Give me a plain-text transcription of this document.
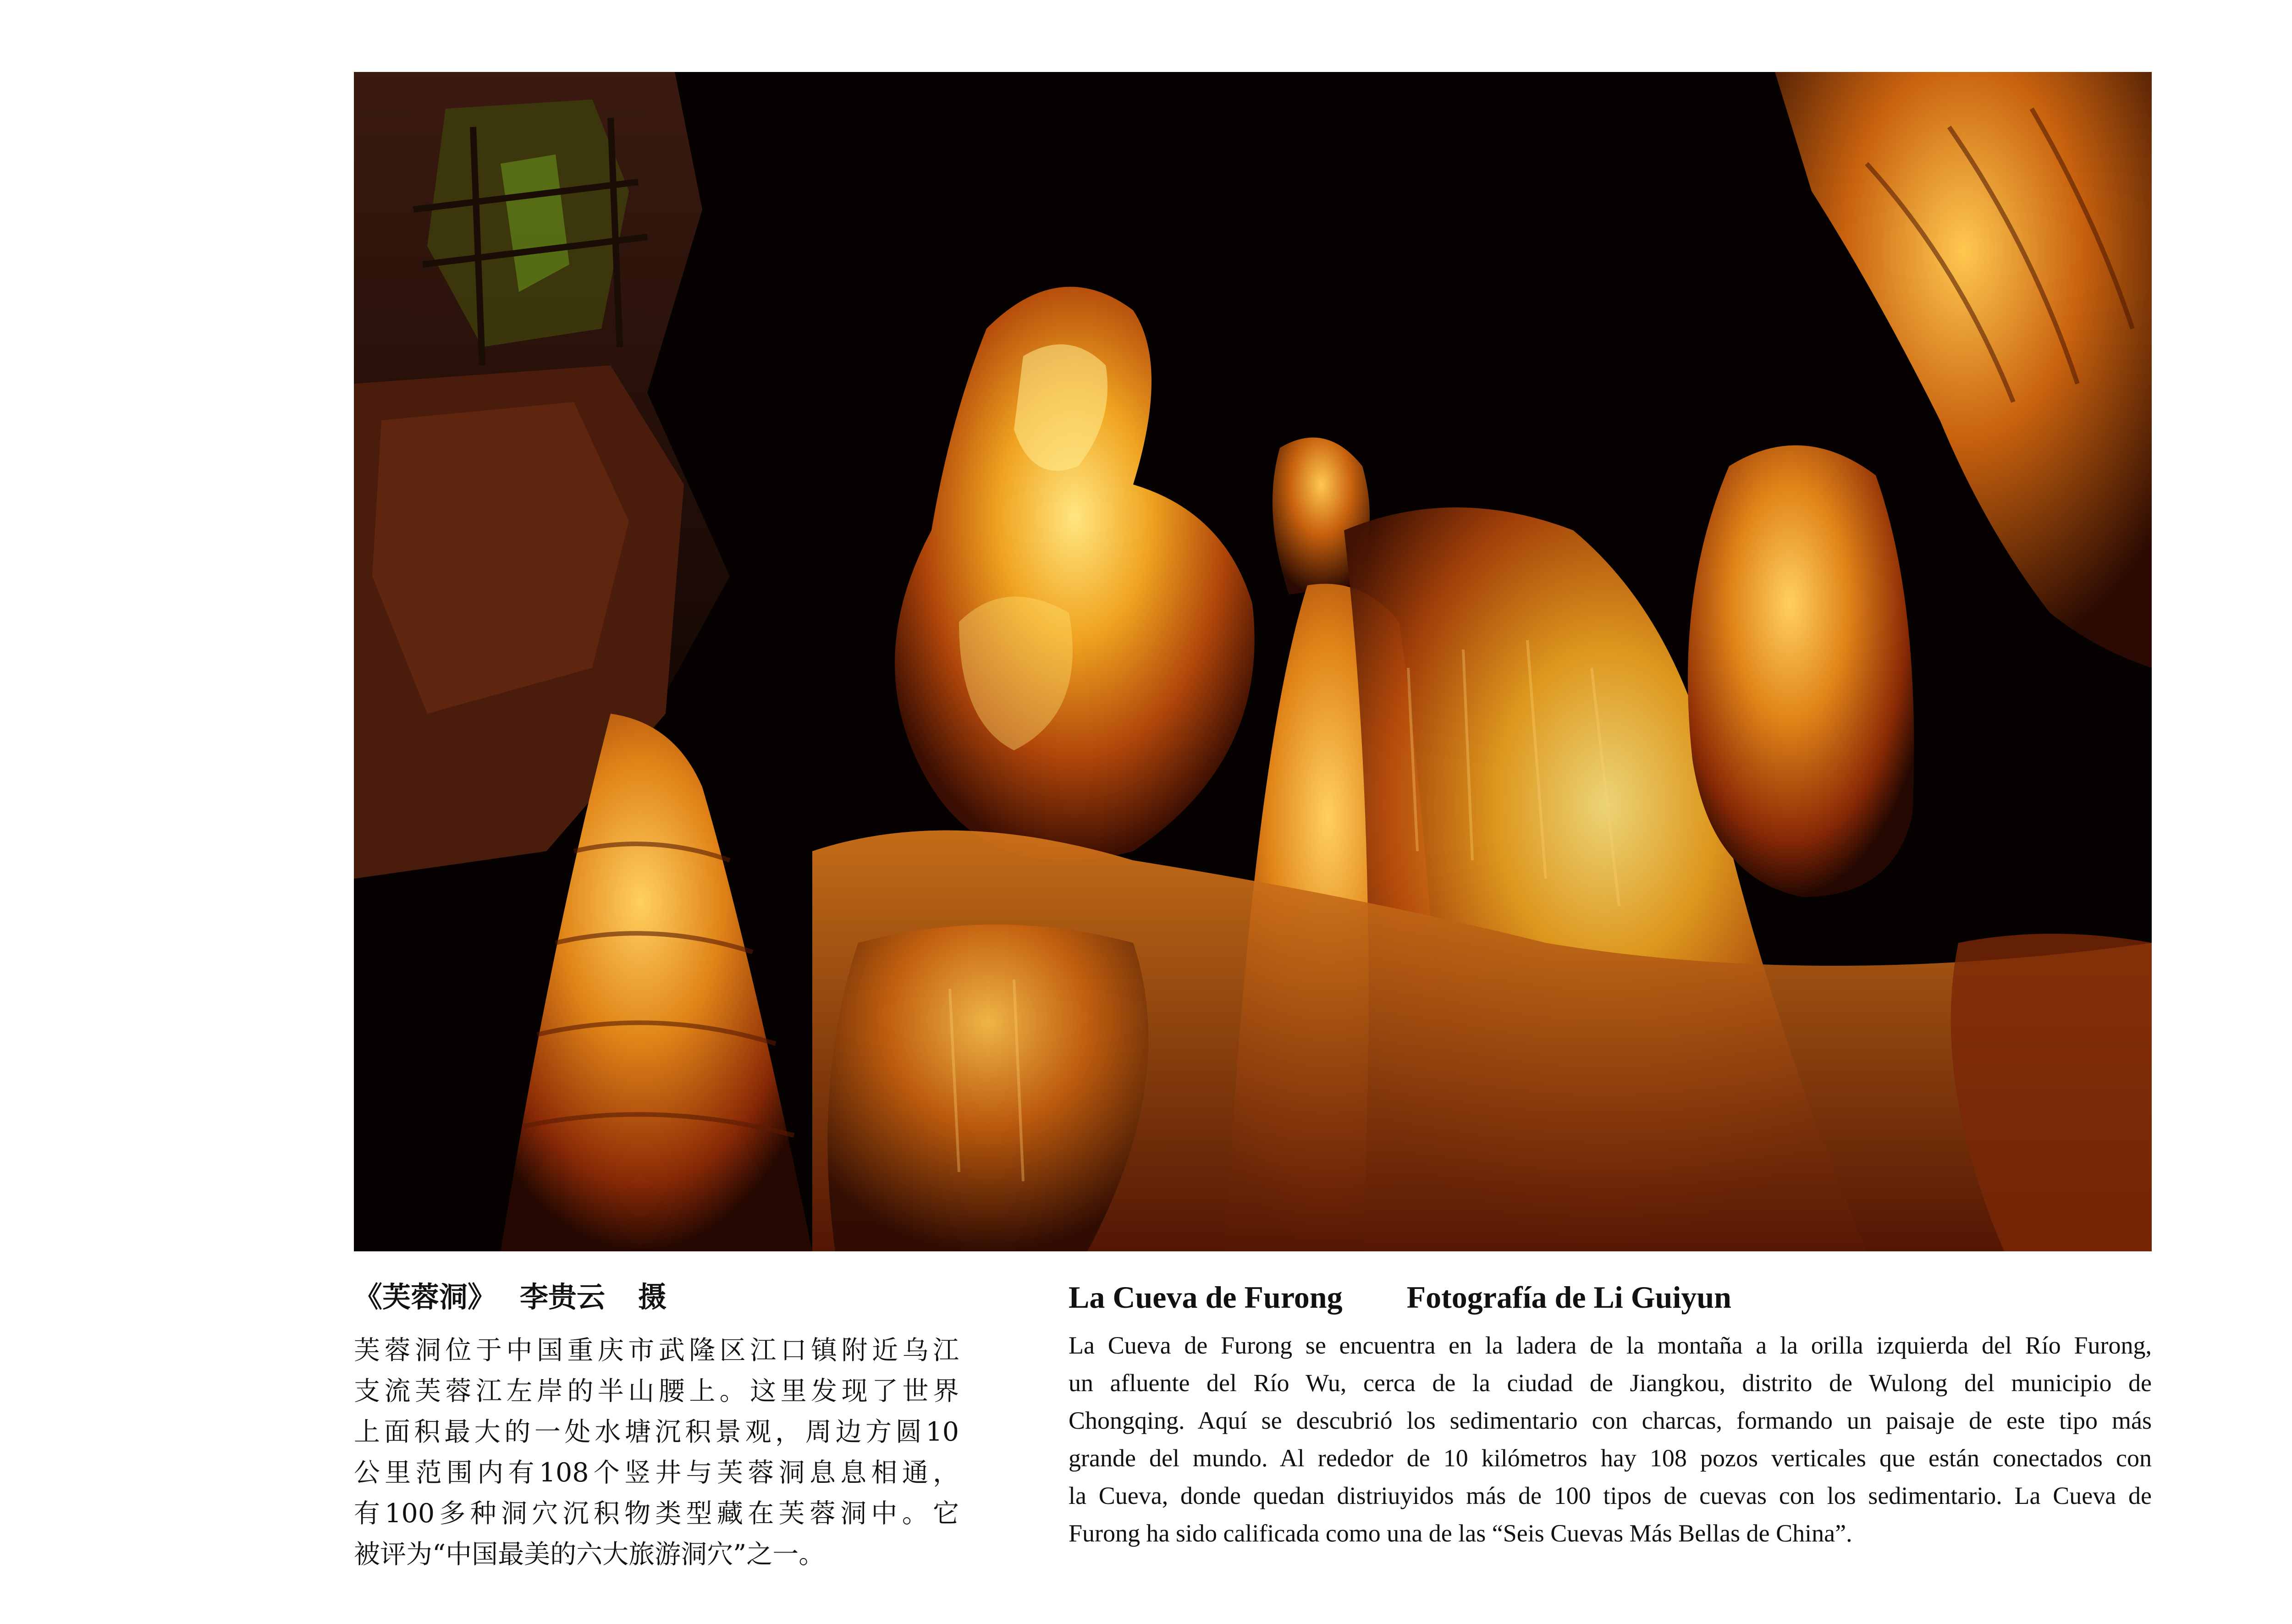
《芙蓉洞》 李贵云 摄
芙蓉洞位于中国重庆市武隆区江口镇附近乌江
支流芙蓉江左岸的半山腰上。这里发现了世界
上面积最大的一处水塘沉积景观，周边方圆10
公里范围内有108个竖井与芙蓉洞息息相通，
有100多种洞穴沉积物类型藏在芙蓉洞中。它
被评为“中国最美的六大旅游洞穴”之一。
La Cueva de Furong Fotografía de Li Guiyun
La Cueva de Furong se encuentra en la ladera de la montaña a la orilla izquierda del Río Furong,
un afluente del Río Wu, cerca de la ciudad de Jiangkou, distrito de Wulong del municipio de
Chongqing. Aquí se descubrió los sedimentario con charcas, formando un paisaje de este tipo más
grande del mundo. Al rededor de 10 kilómetros hay 108 pozos verticales que están conectados con
la Cueva, donde quedan distriuyidos más de 100 tipos de cuevas con los sedimentario. La Cueva de
Furong ha sido calificada como una de las “Seis Cuevas Más Bellas de China”.
